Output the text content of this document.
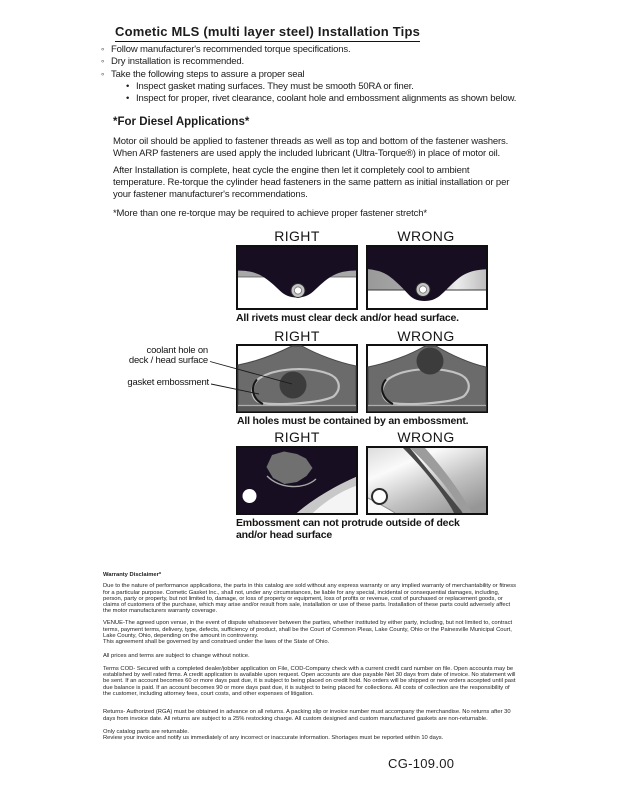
Cometic MLS (multi layer steel) Installation Tips
◦ Follow manufacturer's recommended torque specifications.
◦ Dry installation is recommended.
◦ Take the following steps to assure a proper seal
• Inspect gasket mating surfaces. They must be smooth 50RA or finer.
• Inspect for proper, rivet clearance, coolant hole and embossment alignments as shown below.
*For Diesel Applications*

Motor oil should be applied to fastener threads as well as top and bottom of the fastener washers. When ARP fasteners are used apply the included lubricant (Ultra-Torque®) in place of motor oil.

After Installation is complete, heat cycle the engine then let it completely cool to ambient temperature. Re-torque the cylinder head fasteners in the same pattern as initial installation or per your fastener manufacturer's recommendations.

*More than one re-torque may be required to achieve proper fastener stretch*

RIGHT	WRONG
All rivets must clear deck and/or head surface.
RIGHT	WRONG
coolant hole on
deck / head surface
gasket embossment
All holes must be contained by an embossment.
RIGHT	WRONG
Embossment can not protrude outside of deck and/or head surface

Warranty Disclaimer*

Due to the nature of performance applications, the parts in this catalog are sold without any express warranty or any implied warranty of merchantability or fitness for a particular purpose. Cometic Gasket Inc., shall not, under any circumstances, be liable for any special, incidental or consequential damages, including, person, party or property, but not limited to, damage, or loss of property or equipment, loss of profits or revenue, cost of purchased or replacement goods, or claims of customers of the purchase, which may arise and/or result from sale, installation or use of these parts. Installation of these parts could adversely affect the motor manufacturers warranty coverage.

VENUE-The agreed upon venue, in the event of dispute whatsoever between the parties, whether instituted by either party, including, but not limited to, contract terms, payment terms, delivery, type, defects, sufficiency of product, shall be the Court of Common Pleas, Lake County, Ohio or the Painesville Municipal Court, Lake County, Ohio, depending on the amount in controversy.

This agreement shall be governed by and construed under the laws of the State of Ohio.

All prices and terms are subject to change without notice.

Terms COD- Secured with a completed dealer/jobber application on File, COD-Company check with a current credit card number on file. Open accounts may be established by well rated firms. A credit application is available upon request. Open accounts are due payable Net 30 days from date of invoice. No statement will be sent. If an account becomes 60 or more days past due, it is subject to being placed on credit hold. No orders will be shipped or new orders accepted until past due balance is paid. If an account becomes 90 or more days past due, it is subject to being placed for collections. All costs of collection are the responsibility of the customer, including attorney fees, court costs, and other expenses of litigation.

Returns- Authorized (RGA) must be obtained in advance on all returns. A packing slip or invoice number must accompany the merchandise. No returns after 30 days from invoice date. All returns are subject to a 25% restocking charge. All custom designed and custom manufactured gaskets are non-returnable.

Only catalog parts are returnable.

Review your invoice and notify us immediately of any incorrect or inaccurate information. Shortages must be reported within 10 days.

CG-109.00
